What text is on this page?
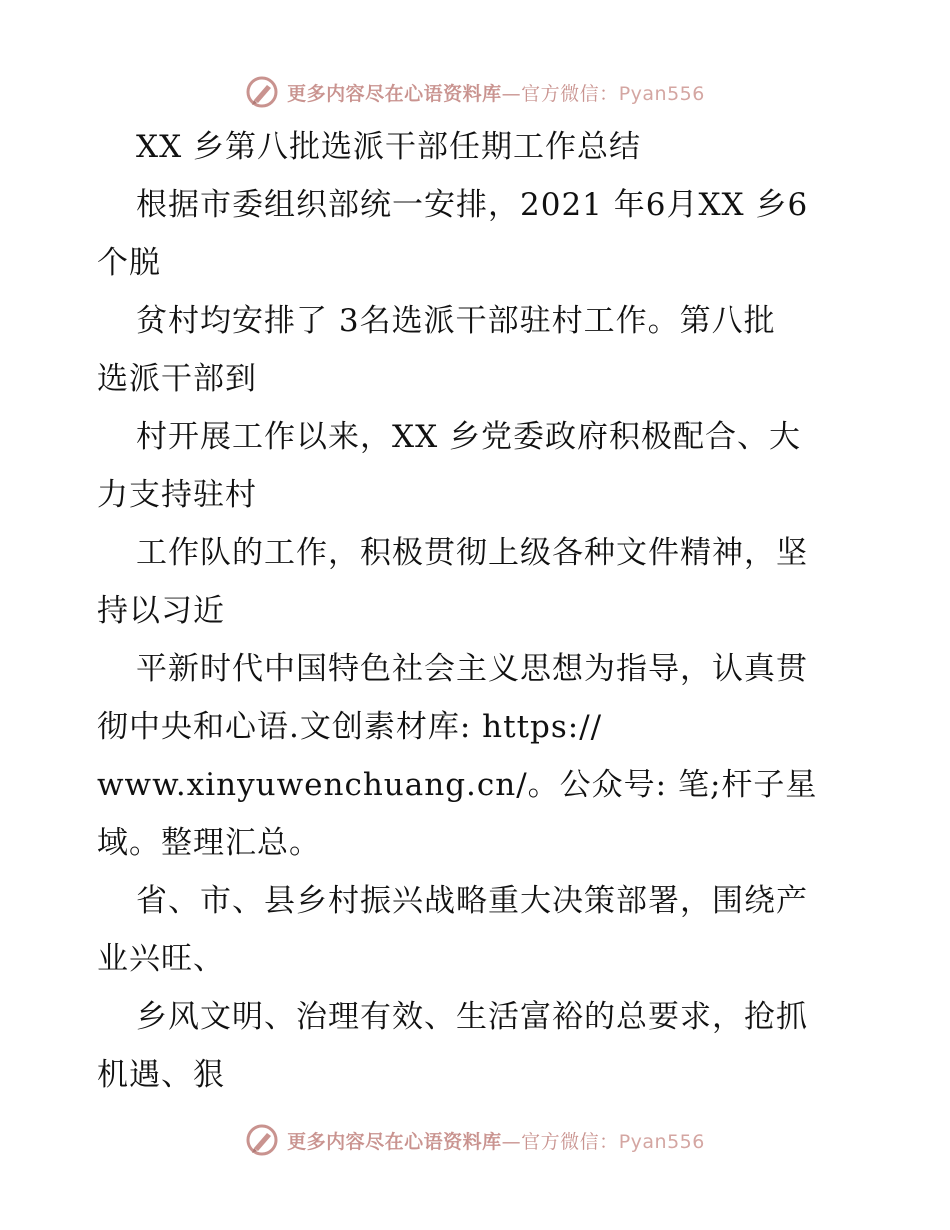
更多内容尽在心语资料库—官方微信：Pyan556
XX 乡第八批选派干部任期工作总结
根据市委组织部统一安排，2021 年6月XX 乡6
个脱
贫村均安排了 3名选派干部驻村工作。第八批
选派干部到
村开展工作以来，XX 乡党委政府积极配合、大
力支持驻村
工作队的工作，积极贯彻上级各种文件精神，坚
持以习近
平新时代中国特色社会主义思想为指导，认真贯
彻中央和心语.文创素材库: https://
www.xinyuwenchuang.cn/。公众号: 笔;杆子星
域。整理汇总。
省、市、县乡村振兴战略重大决策部署，围绕产
业兴旺、
乡风文明、治理有效、生活富裕的总要求，抢抓
机遇、狠
更多内容尽在心语资料库—官方微信：Pyan556
